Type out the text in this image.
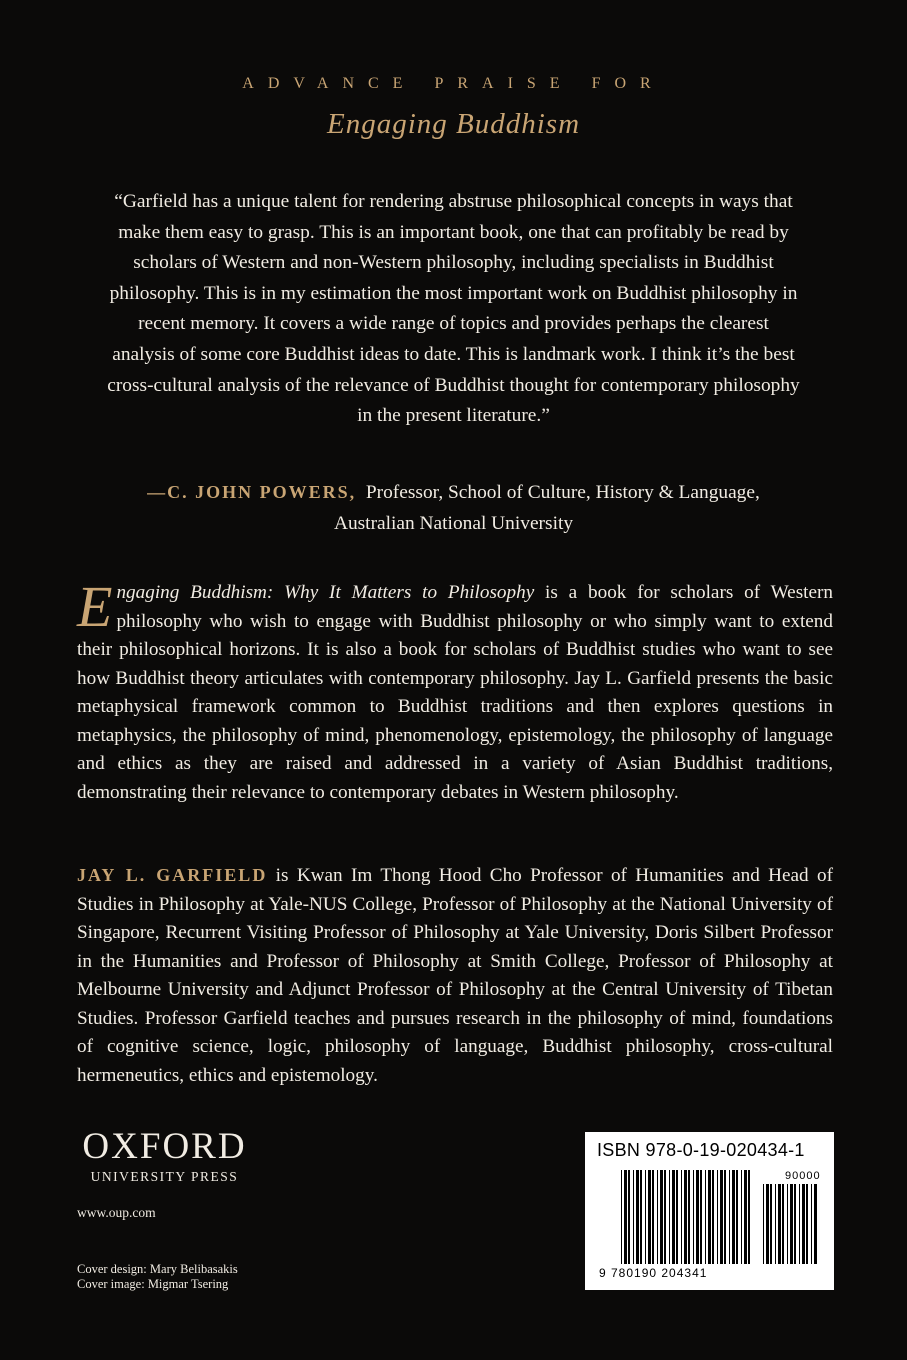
ADVANCE PRAISE FOR
Engaging Buddhism
“Garfield has a unique talent for rendering abstruse philosophical concepts in ways that make them easy to grasp. This is an important book, one that can profitably be read by scholars of Western and non-Western philosophy, including specialists in Buddhist philosophy. This is in my estimation the most important work on Buddhist philosophy in recent memory. It covers a wide range of topics and provides perhaps the clearest analysis of some core Buddhist ideas to date. This is landmark work. I think it’s the best cross-cultural analysis of the relevance of Buddhist thought for contemporary philosophy in the present literature.”
—C. JOHN POWERS, Professor, School of Culture, History & Language, Australian National University
Engaging Buddhism: Why It Matters to Philosophy is a book for scholars of Western philosophy who wish to engage with Buddhist philosophy or who simply want to extend their philosophical horizons. It is also a book for scholars of Buddhist studies who want to see how Buddhist theory articulates with contemporary philosophy. Jay L. Garfield presents the basic metaphysical framework common to Buddhist traditions and then explores questions in metaphysics, the philosophy of mind, phenomenology, epistemology, the philosophy of language and ethics as they are raised and addressed in a variety of Asian Buddhist traditions, demonstrating their relevance to contemporary debates in Western philosophy.
JAY L. GARFIELD is Kwan Im Thong Hood Cho Professor of Humanities and Head of Studies in Philosophy at Yale-NUS College, Professor of Philosophy at the National University of Singapore, Recurrent Visiting Professor of Philosophy at Yale University, Doris Silbert Professor in the Humanities and Professor of Philosophy at Smith College, Professor of Philosophy at Melbourne University and Adjunct Professor of Philosophy at the Central University of Tibetan Studies. Professor Garfield teaches and pursues research in the philosophy of mind, foundations of cognitive science, logic, philosophy of language, Buddhist philosophy, cross-cultural hermeneutics, ethics and epistemology.
OXFORD
UNIVERSITY PRESS
www.oup.com
Cover design: Mary Belibasakis
Cover image: Migmar Tsering
ISBN 978-0-19-020434-1
90000
9 780190 204341
